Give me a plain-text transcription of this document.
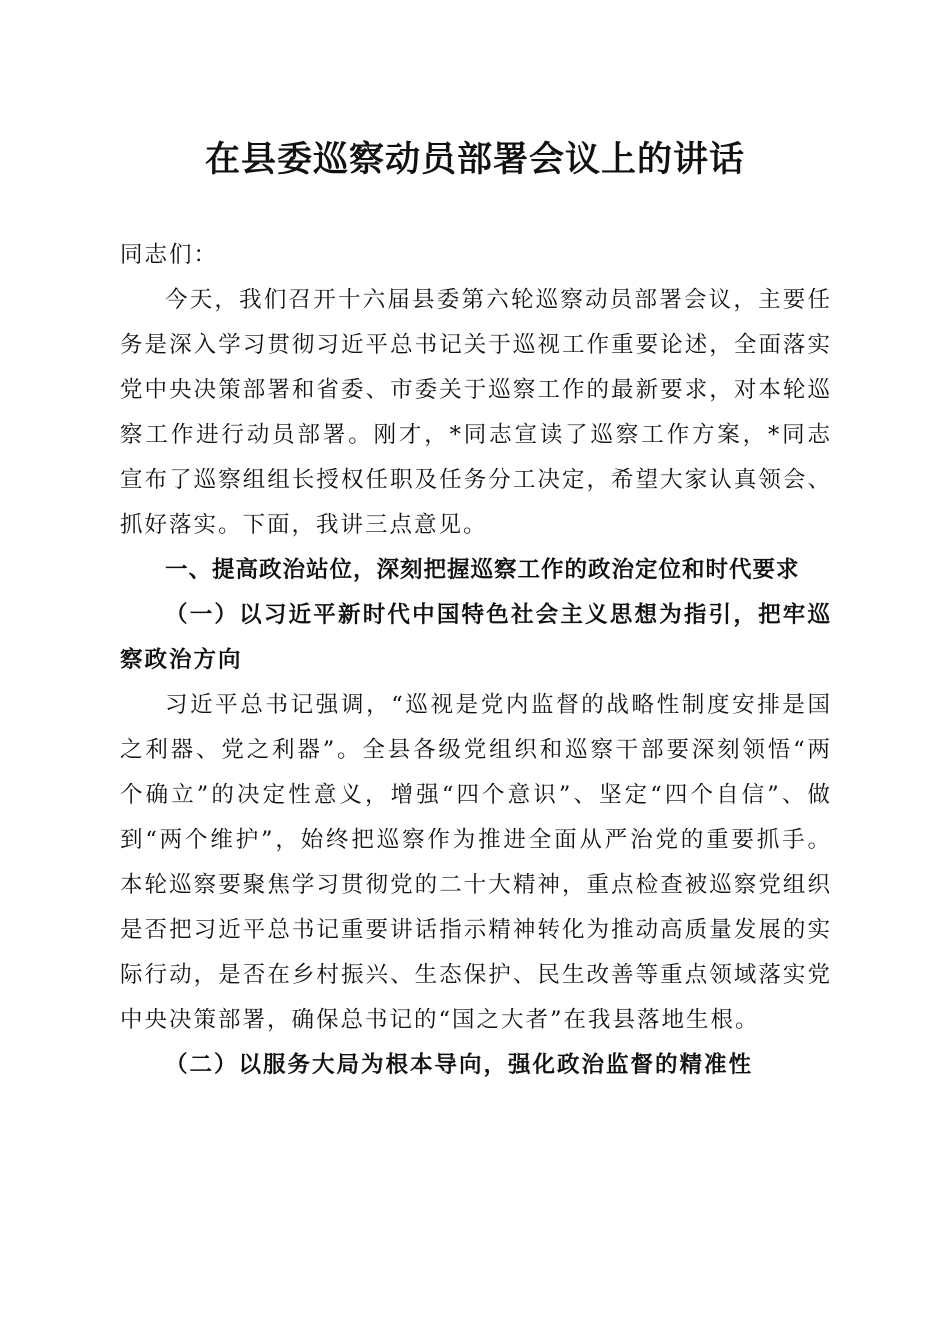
在县委巡察动员部署会议上的讲话

同志们：

今天，我们召开十六届县委第六轮巡察动员部署会议，主要任务是深入学习贯彻习近平总书记关于巡视工作重要论述，全面落实党中央决策部署和省委、市委关于巡察工作的最新要求，对本轮巡察工作进行动员部署。刚才，*同志宣读了巡察工作方案，*同志宣布了巡察组组长授权任职及任务分工决定，希望大家认真领会、抓好落实。下面，我讲三点意见。

一、提高政治站位，深刻把握巡察工作的政治定位和时代要求

（一）以习近平新时代中国特色社会主义思想为指引，把牢巡察政治方向

习近平总书记强调，“巡视是党内监督的战略性制度安排是国之利器、党之利器”。全县各级党组织和巡察干部要深刻领悟“两个确立”的决定性意义，增强“四个意识”、坚定“四个自信”、做到“两个维护”，始终把巡察作为推进全面从严治党的重要抓手。本轮巡察要聚焦学习贯彻党的二十大精神，重点检查被巡察党组织是否把习近平总书记重要讲话指示精神转化为推动高质量发展的实际行动，是否在乡村振兴、生态保护、民生改善等重点领域落实党中央决策部署，确保总书记的“国之大者”在我县落地生根。

（二）以服务大局为根本导向，强化政治监督的精准性
